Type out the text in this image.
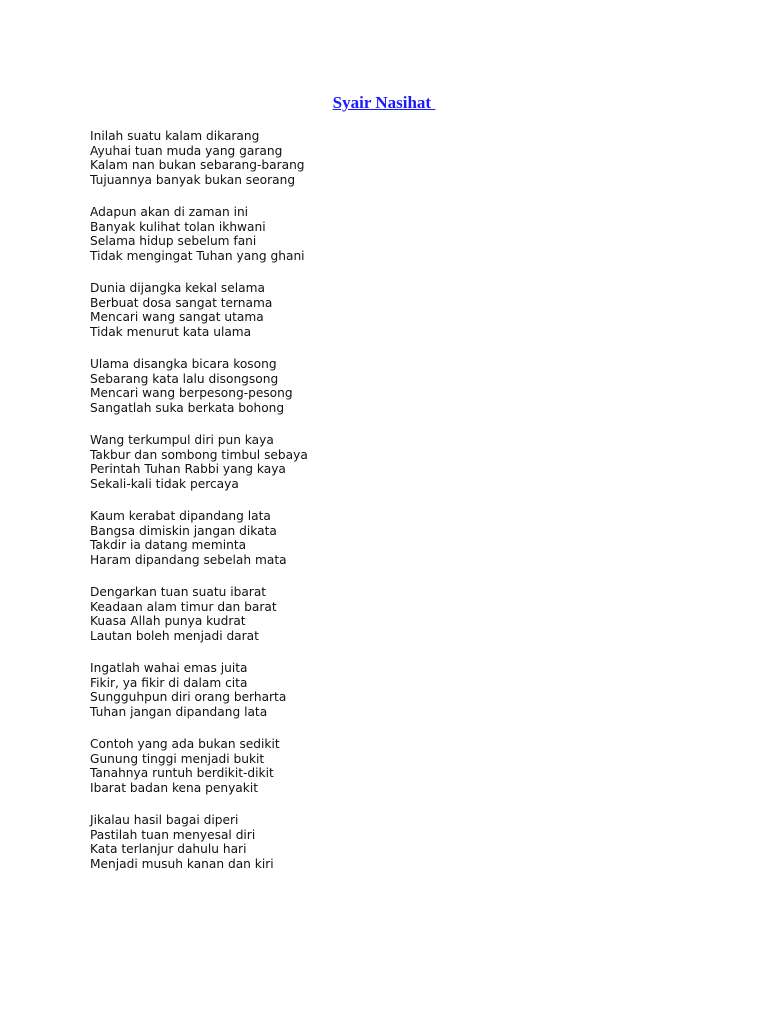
Syair Nasihat
Inilah suatu kalam dikarang
Ayuhai tuan muda yang garang
Kalam nan bukan sebarang-barang
Tujuannya banyak bukan seorang
Adapun akan di zaman ini
Banyak kulihat tolan ikhwani
Selama hidup sebelum fani
Tidak mengingat Tuhan yang ghani
Dunia dijangka kekal selama
Berbuat dosa sangat ternama
Mencari wang sangat utama
Tidak menurut kata ulama
Ulama disangka bicara kosong
Sebarang kata lalu disongsong
Mencari wang berpesong-pesong
Sangatlah suka berkata bohong
Wang terkumpul diri pun kaya
Takbur dan sombong timbul sebaya
Perintah Tuhan Rabbi yang kaya
Sekali-kali tidak percaya
Kaum kerabat dipandang lata
Bangsa dimiskin jangan dikata
Takdir ia datang meminta
Haram dipandang sebelah mata
Dengarkan tuan suatu ibarat
Keadaan alam timur dan barat
Kuasa Allah punya kudrat
Lautan boleh menjadi darat
Ingatlah wahai emas juita
Fikir, ya fikir di dalam cita
Sungguhpun diri orang berharta
Tuhan jangan dipandang lata
Contoh yang ada bukan sedikit
Gunung tinggi menjadi bukit
Tanahnya runtuh berdikit-dikit
Ibarat badan kena penyakit
Jikalau hasil bagai diperi
Pastilah tuan menyesal diri
Kata terlanjur dahulu hari
Menjadi musuh kanan dan kiri
